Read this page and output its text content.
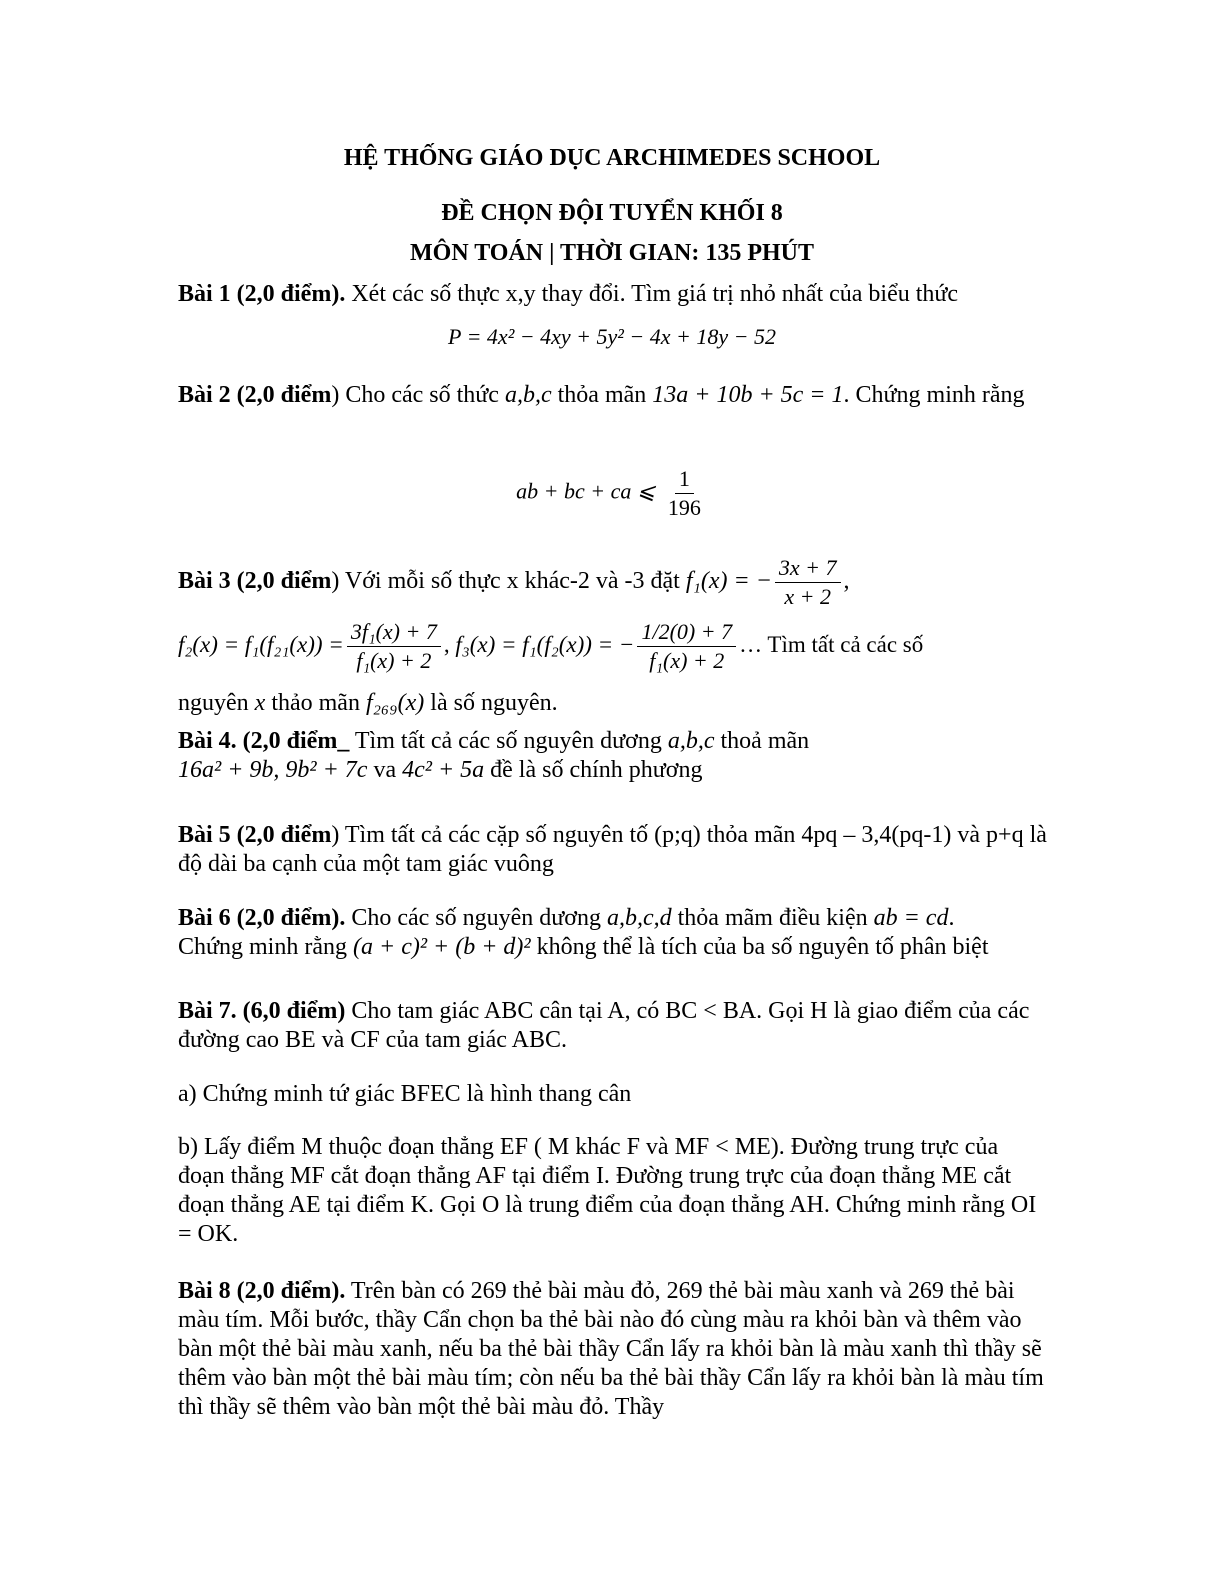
HỆ THỐNG GIÁO DỤC ARCHIMEDES SCHOOL
ĐỀ CHỌN ĐỘI TUYỂN KHỐI 8
MÔN TOÁN | THỜI GIAN: 135 PHÚT
Bài 1 (2,0 điểm). Xét các số thực x,y thay đổi. Tìm giá trị nhỏ nhất của biểu thức
P = 4x² − 4xy + 5y² − 4x + 18y − 52
Bài 2 (2,0 điểm) Cho các số thức a,b,c thỏa mãn 13a + 10b + 5c = 1. Chứng minh rằng
ab + bc + ca ⩽ $\frac{1}{196}$
Bài 3 (2,0 điểm) Với mỗi số thực x khác-2 và -3 đặt f₁(x) = − $\frac{3x + 7}{x + 2}$ ,
$f_2(x) = f_1(f_{21}(x)) = \frac{\text{3f₁(x) + 7}}{\text{f₁(x) + 2}}$ , f₃(x) = f₁(f₂(x)) = − $\frac{1/2(0) + 7}{\text{f₁(x) + 2}}$ … Tìm tất cả các số
nguyên x thảo mãn f₂₆₉(x) là số nguyên.
Bài 4. (2,0 điểm_ Tìm tất cả các số nguyên dương a,b,c thoả mãn
16a² + 9b, 9b² + 7c va 4c² + 5a đề là số chính phương
Bài 5 (2,0 điểm) Tìm tất cả các cặp số nguyên tố (p;q) thỏa mãn 4pq – 3,4(pq-1) và p+q là độ dài ba cạnh của một tam giác vuông
Bài 6 (2,0 điểm). Cho các số nguyên dương a,b,c,d thỏa mãm điều kiện ab = cd.
Chứng minh rằng (a + c)² + (b + d)² không thể là tích của ba số nguyên tố phân biệt
Bài 7. (6,0 điểm) Cho tam giác ABC cân tại A, có BC < BA. Gọi H là giao điểm của các đường cao BE và CF của tam giác ABC.
a) Chứng minh tứ giác BFEC là hình thang cân
b) Lấy điểm M thuộc đoạn thẳng EF ( M khác F và MF < ME). Đường trung trực của đoạn thẳng MF cắt đoạn thẳng AF tại điểm I. Đường trung trực của đoạn thẳng ME cắt đoạn thẳng AE tại điểm K. Gọi O là trung điểm của đoạn thẳng AH. Chứng minh rằng OI = OK.
Bài 8 (2,0 điểm). Trên bàn có 269 thẻ bài màu đỏ, 269 thẻ bài màu xanh và 269 thẻ bài màu tím. Mỗi bước, thầy Cẩn chọn ba thẻ bài nào đó cùng màu ra khỏi bàn và thêm vào bàn một thẻ bài màu xanh, nếu ba thẻ bài thầy Cẩn lấy ra khỏi bàn là màu xanh thì thầy sẽ thêm vào bàn một thẻ bài màu tím; còn nếu ba thẻ bài thầy Cẩn lấy ra khỏi bàn là màu tím thì thầy sẽ thêm vào bàn một thẻ bài màu đỏ. Thầy
